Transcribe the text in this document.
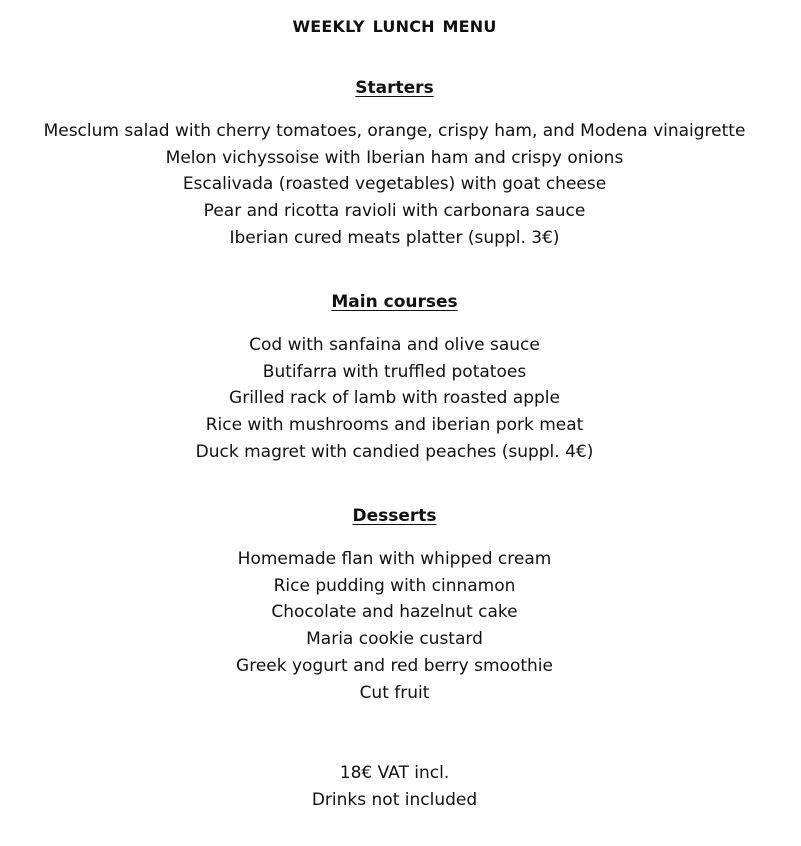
WEEKLY LUNCH MENU
Starters
Mesclum salad with cherry tomatoes, orange, crispy ham, and Modena vinaigrette
Melon vichyssoise with Iberian ham and crispy onions
Escalivada (roasted vegetables) with goat cheese
Pear and ricotta ravioli with carbonara sauce
Iberian cured meats platter (suppl. 3€)
Main courses
Cod with sanfaina and olive sauce
Butifarra with truffled potatoes
Grilled rack of lamb with roasted apple
Rice with mushrooms and iberian pork meat
Duck magret with candied peaches (suppl. 4€)
Desserts
Homemade flan with whipped cream
Rice pudding with cinnamon
Chocolate and hazelnut cake
Maria cookie custard
Greek yogurt and red berry smoothie
Cut fruit
18€ VAT incl.
Drinks not included
